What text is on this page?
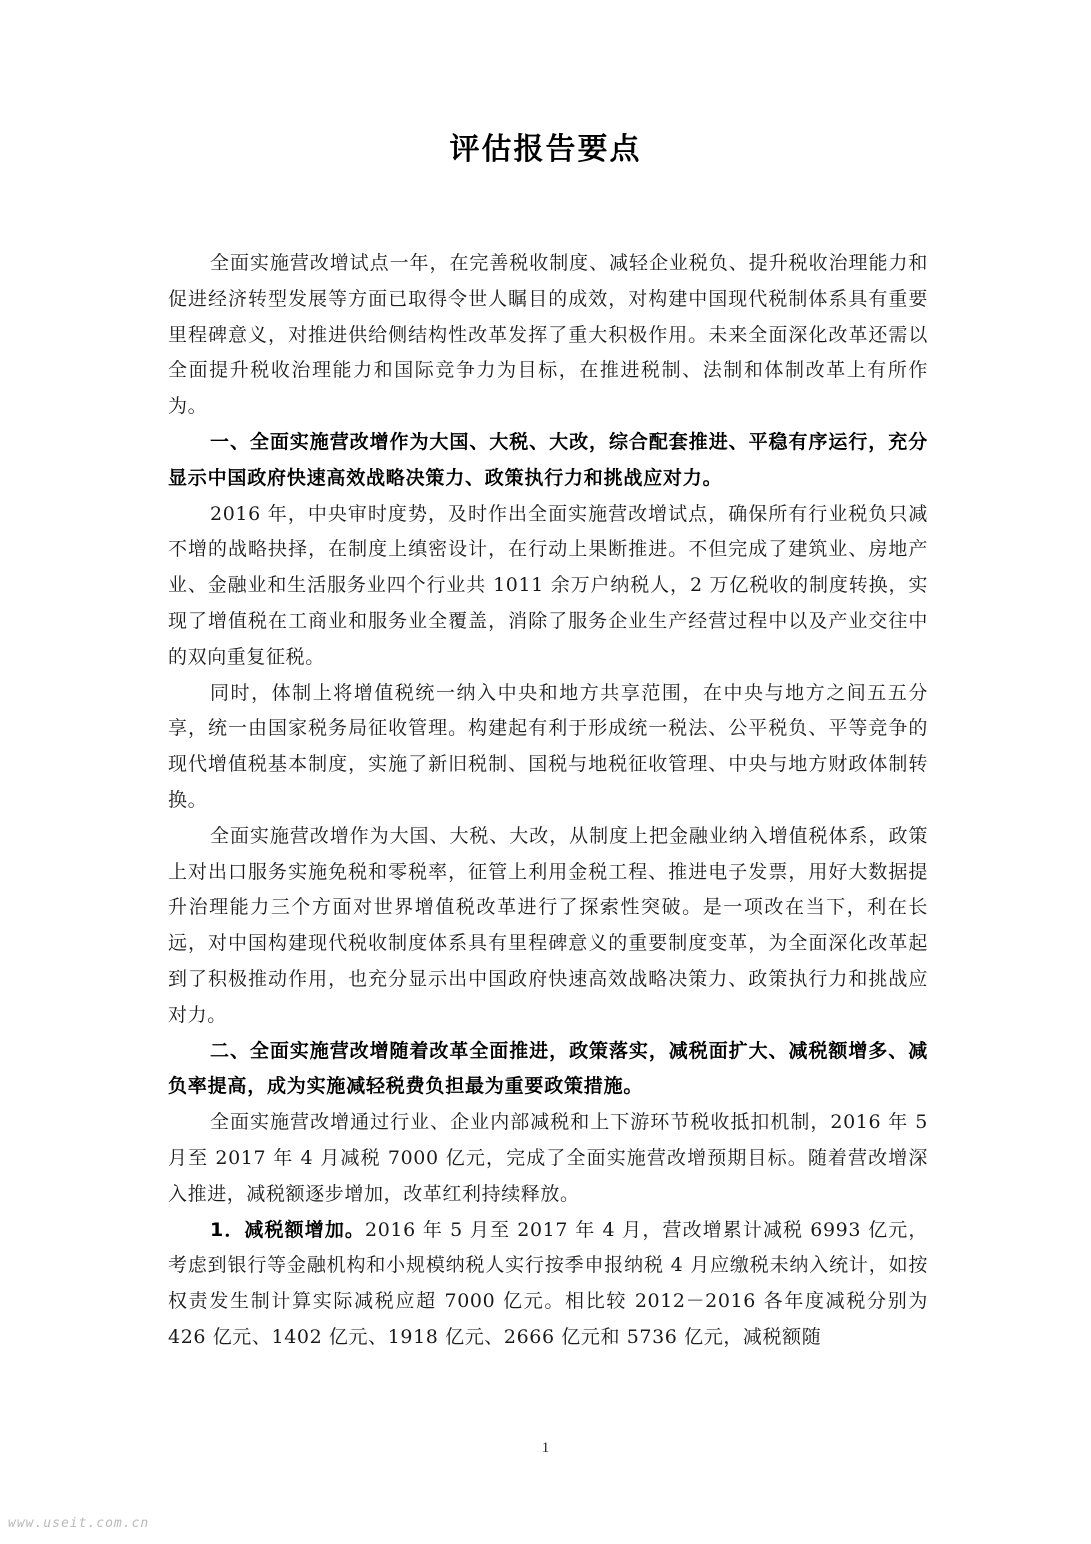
评估报告要点

全面实施营改增试点一年，在完善税收制度、减轻企业税负、提升税收治理能力和促进经济转型发展等方面已取得令世人瞩目的成效，对构建中国现代税制体系具有重要里程碑意义，对推进供给侧结构性改革发挥了重大积极作用。未来全面深化改革还需以全面提升税收治理能力和国际竞争力为目标，在推进税制、法制和体制改革上有所作为。

一、全面实施营改增作为大国、大税、大改，综合配套推进、平稳有序运行，充分显示中国政府快速高效战略决策力、政策执行力和挑战应对力。

2016 年，中央审时度势，及时作出全面实施营改增试点，确保所有行业税负只减不增的战略抉择，在制度上缜密设计，在行动上果断推进。不但完成了建筑业、房地产业、金融业和生活服务业四个行业共 1011 余万户纳税人，2 万亿税收的制度转换，实现了增值税在工商业和服务业全覆盖，消除了服务企业生产经营过程中以及产业交往中的双向重复征税。

同时，体制上将增值税统一纳入中央和地方共享范围，在中央与地方之间五五分享，统一由国家税务局征收管理。构建起有利于形成统一税法、公平税负、平等竞争的现代增值税基本制度，实施了新旧税制、国税与地税征收管理、中央与地方财政体制转换。

全面实施营改增作为大国、大税、大改，从制度上把金融业纳入增值税体系，政策上对出口服务实施免税和零税率，征管上利用金税工程、推进电子发票，用好大数据提升治理能力三个方面对世界增值税改革进行了探索性突破。是一项改在当下，利在长远，对中国构建现代税收制度体系具有里程碑意义的重要制度变革，为全面深化改革起到了积极推动作用，也充分显示出中国政府快速高效战略决策力、政策执行力和挑战应对力。

二、全面实施营改增随着改革全面推进，政策落实，减税面扩大、减税额增多、减负率提高，成为实施减轻税费负担最为重要政策措施。

全面实施营改增通过行业、企业内部减税和上下游环节税收抵扣机制，2016 年 5 月至 2017 年 4 月减税 7000 亿元，完成了全面实施营改增预期目标。随着营改增深入推进，减税额逐步增加，改革红利持续释放。

1．减税额增加。2016 年 5 月至 2017 年 4 月，营改增累计减税 6993 亿元，考虑到银行等金融机构和小规模纳税人实行按季申报纳税 4 月应缴税未纳入统计，如按权责发生制计算实际减税应超 7000 亿元。相比较 2012－2016 各年度减税分别为 426 亿元、1402 亿元、1918 亿元、2666 亿元和 5736 亿元，减税额随

1
www.useit.com.cn
